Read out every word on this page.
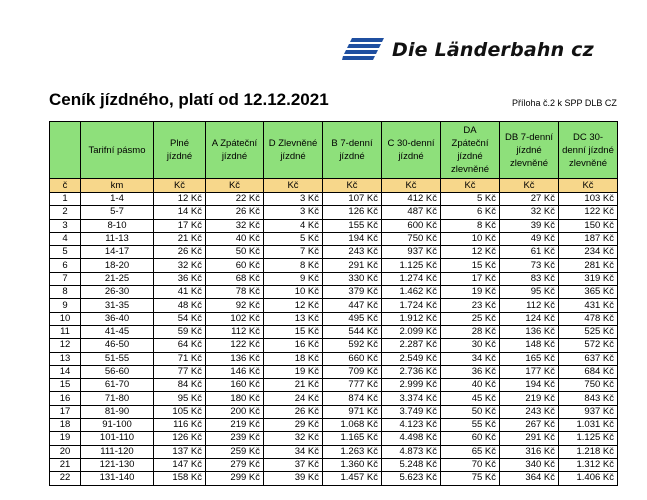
Die Länderbahn cz
Ceník jízdného, platí od 12.12.2021	Příloha č.2 k SPP DLB CZ
	Tarifní pásmo	Plné jízdné	A Zpáteční jízdné	D Zlevněné jízdné	B 7-denní jízdné	C 30-denní jízdné	DA Zpáteční jízdné zlevněné	DB 7-denní jízdné zlevněné	DC 30-denní jízdné zlevněné
č	km	Kč	Kč	Kč	Kč	Kč	Kč	Kč	Kč
1	1-4	12 Kč	22 Kč	3 Kč	107 Kč	412 Kč	5 Kč	27 Kč	103 Kč
2	5-7	14 Kč	26 Kč	3 Kč	126 Kč	487 Kč	6 Kč	32 Kč	122 Kč
3	8-10	17 Kč	32 Kč	4 Kč	155 Kč	600 Kč	8 Kč	39 Kč	150 Kč
4	11-13	21 Kč	40 Kč	5 Kč	194 Kč	750 Kč	10 Kč	49 Kč	187 Kč
5	14-17	26 Kč	50 Kč	7 Kč	243 Kč	937 Kč	12 Kč	61 Kč	234 Kč
6	18-20	32 Kč	60 Kč	8 Kč	291 Kč	1.125 Kč	15 Kč	73 Kč	281 Kč
7	21-25	36 Kč	68 Kč	9 Kč	330 Kč	1.274 Kč	17 Kč	83 Kč	319 Kč
8	26-30	41 Kč	78 Kč	10 Kč	379 Kč	1.462 Kč	19 Kč	95 Kč	365 Kč
9	31-35	48 Kč	92 Kč	12 Kč	447 Kč	1.724 Kč	23 Kč	112 Kč	431 Kč
10	36-40	54 Kč	102 Kč	13 Kč	495 Kč	1.912 Kč	25 Kč	124 Kč	478 Kč
11	41-45	59 Kč	112 Kč	15 Kč	544 Kč	2.099 Kč	28 Kč	136 Kč	525 Kč
12	46-50	64 Kč	122 Kč	16 Kč	592 Kč	2.287 Kč	30 Kč	148 Kč	572 Kč
13	51-55	71 Kč	136 Kč	18 Kč	660 Kč	2.549 Kč	34 Kč	165 Kč	637 Kč
14	56-60	77 Kč	146 Kč	19 Kč	709 Kč	2.736 Kč	36 Kč	177 Kč	684 Kč
15	61-70	84 Kč	160 Kč	21 Kč	777 Kč	2.999 Kč	40 Kč	194 Kč	750 Kč
16	71-80	95 Kč	180 Kč	24 Kč	874 Kč	3.374 Kč	45 Kč	219 Kč	843 Kč
17	81-90	105 Kč	200 Kč	26 Kč	971 Kč	3.749 Kč	50 Kč	243 Kč	937 Kč
18	91-100	116 Kč	219 Kč	29 Kč	1.068 Kč	4.123 Kč	55 Kč	267 Kč	1.031 Kč
19	101-110	126 Kč	239 Kč	32 Kč	1.165 Kč	4.498 Kč	60 Kč	291 Kč	1.125 Kč
20	111-120	137 Kč	259 Kč	34 Kč	1.263 Kč	4.873 Kč	65 Kč	316 Kč	1.218 Kč
21	121-130	147 Kč	279 Kč	37 Kč	1.360 Kč	5.248 Kč	70 Kč	340 Kč	1.312 Kč
22	131-140	158 Kč	299 Kč	39 Kč	1.457 Kč	5.623 Kč	75 Kč	364 Kč	1.406 Kč
